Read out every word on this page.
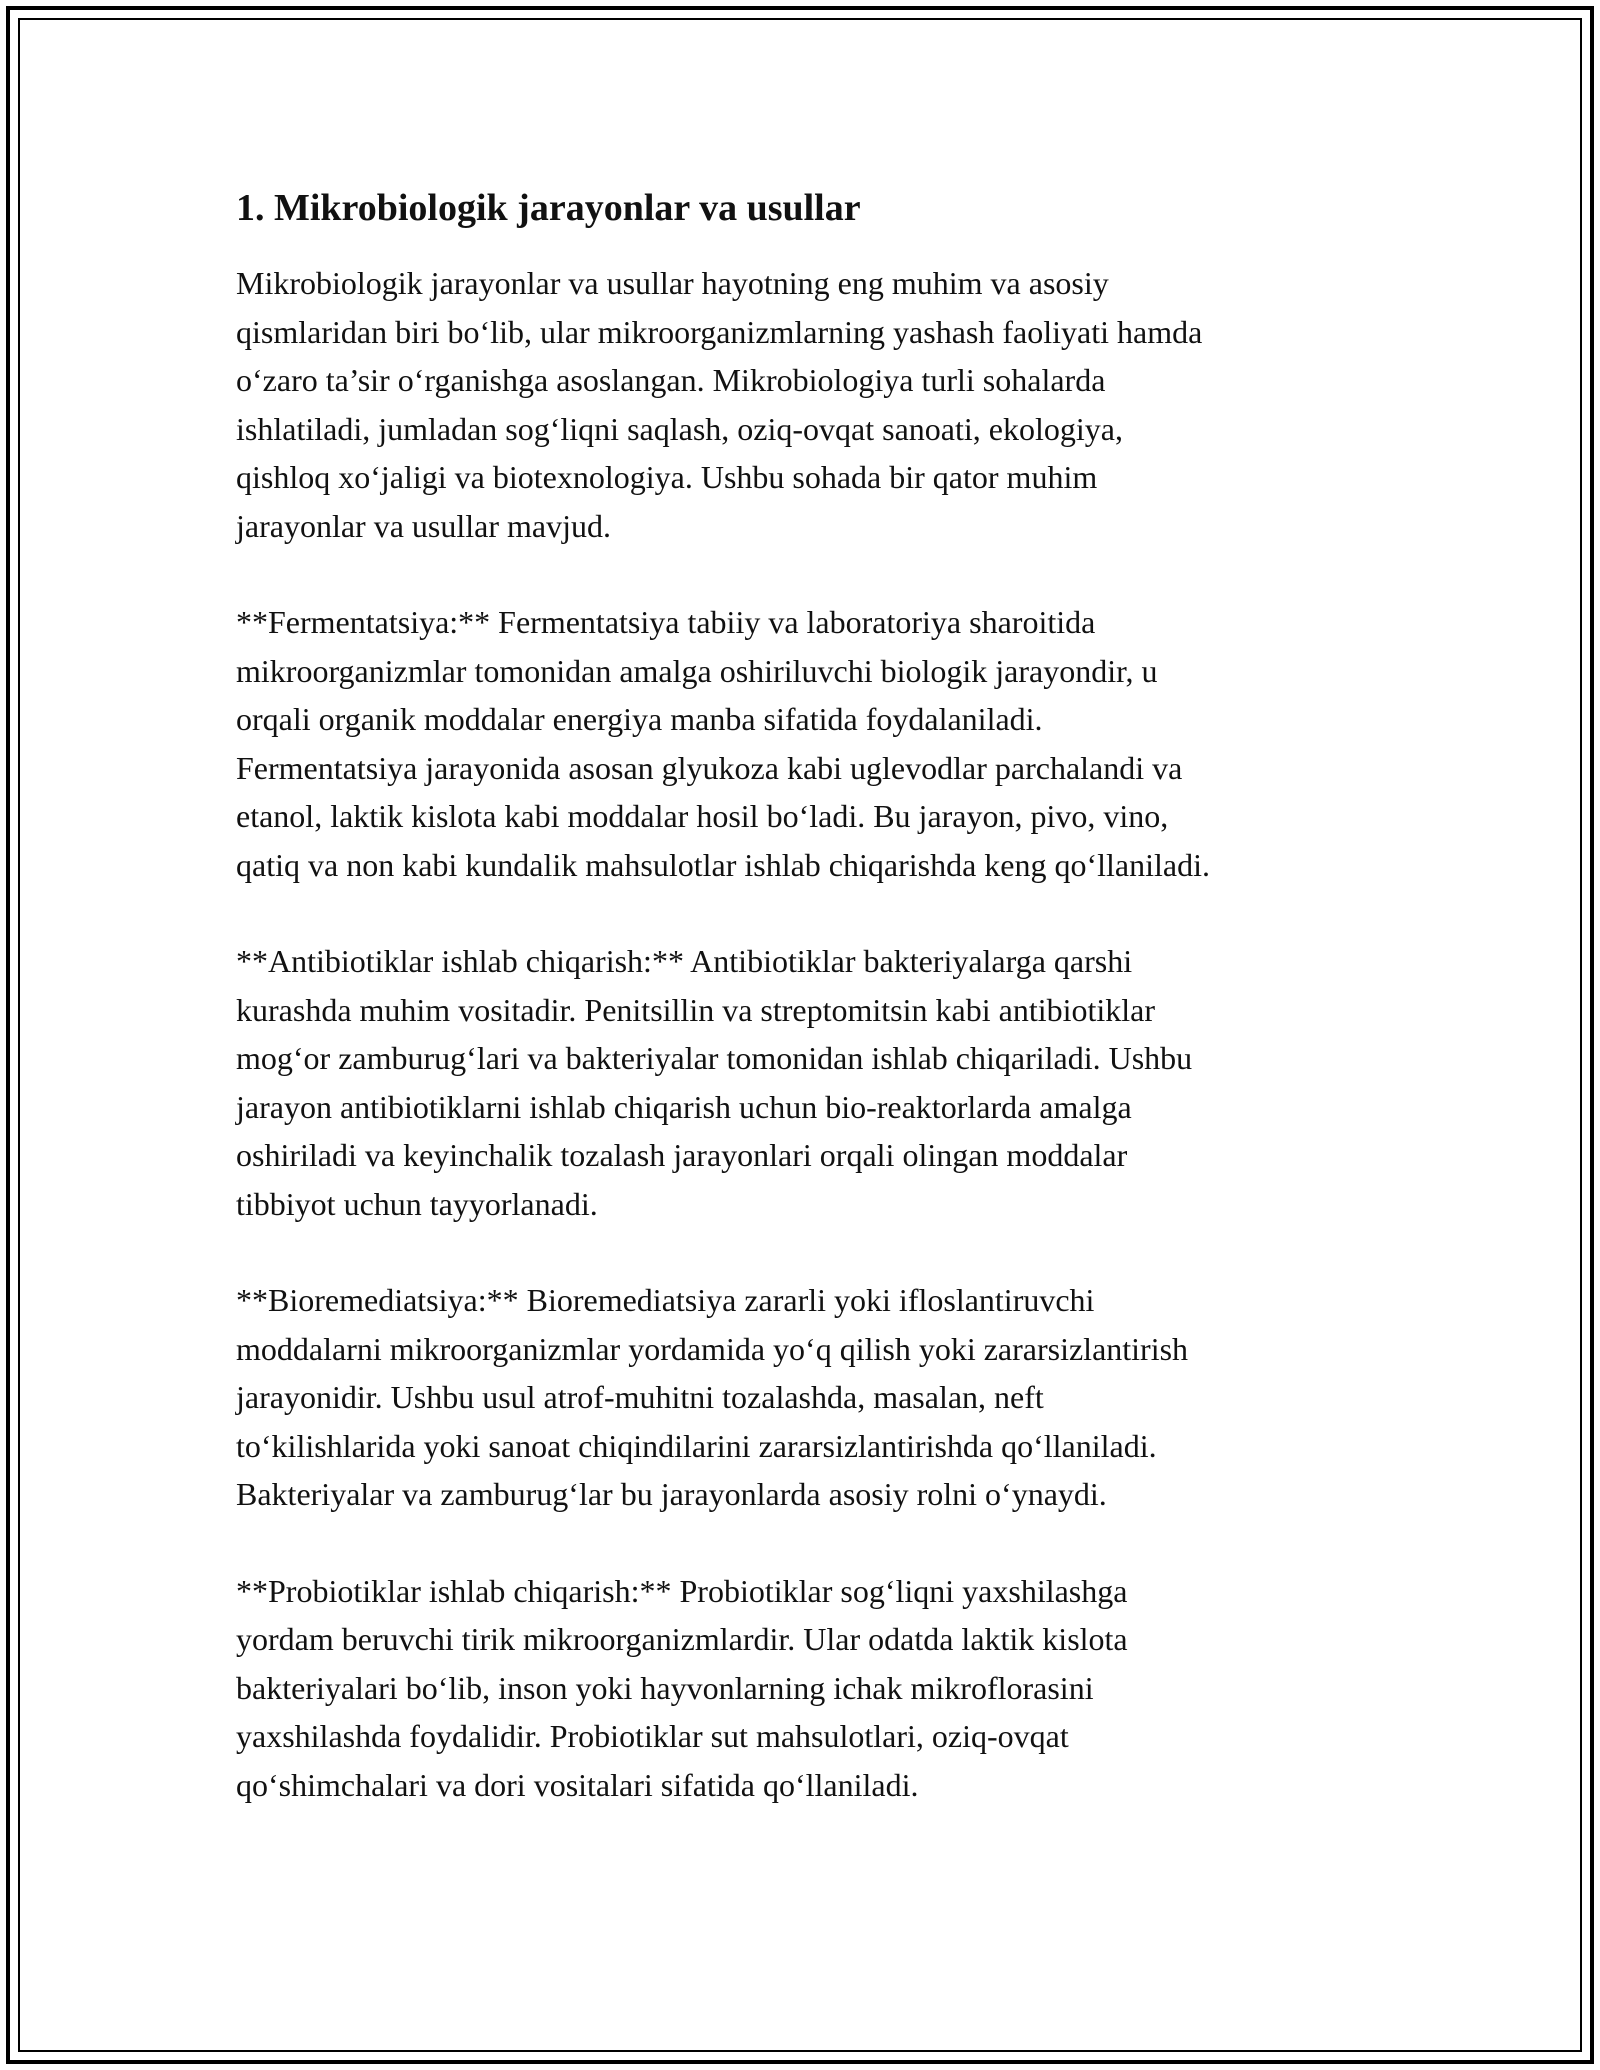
1. Mikrobiologik jarayonlar va usullar

Mikrobiologik jarayonlar va usullar hayotning eng muhim va asosiy
qismlaridan biri bo‘lib, ular mikroorganizmlarning yashash faoliyati hamda
o‘zaro ta’sir o‘rganishga asoslangan. Mikrobiologiya turli sohalarda
ishlatiladi, jumladan sog‘liqni saqlash, oziq-ovqat sanoati, ekologiya,
qishloq xo‘jaligi va biotexnologiya. Ushbu sohada bir qator muhim
jarayonlar va usullar mavjud.

**Fermentatsiya:** Fermentatsiya tabiiy va laboratoriya sharoitida
mikroorganizmlar tomonidan amalga oshiriluvchi biologik jarayondir, u
orqali organik moddalar energiya manba sifatida foydalaniladi.
Fermentatsiya jarayonida asosan glyukoza kabi uglevodlar parchalandi va
etanol, laktik kislota kabi moddalar hosil bo‘ladi. Bu jarayon, pivo, vino,
qatiq va non kabi kundalik mahsulotlar ishlab chiqarishda keng qo‘llaniladi.

**Antibiotiklar ishlab chiqarish:** Antibiotiklar bakteriyalarga qarshi
kurashda muhim vositadir. Penitsillin va streptomitsin kabi antibiotiklar
mog‘or zamburug‘lari va bakteriyalar tomonidan ishlab chiqariladi. Ushbu
jarayon antibiotiklarni ishlab chiqarish uchun bio-reaktorlarda amalga
oshiriladi va keyinchalik tozalash jarayonlari orqali olingan moddalar
tibbiyot uchun tayyorlanadi.

**Bioremediatsiya:** Bioremediatsiya zararli yoki ifloslantiruvchi
moddalarni mikroorganizmlar yordamida yo‘q qilish yoki zararsizlantirish
jarayonidir. Ushbu usul atrof-muhitni tozalashda, masalan, neft
to‘kilishlarida yoki sanoat chiqindilarini zararsizlantirishda qo‘llaniladi.
Bakteriyalar va zamburug‘lar bu jarayonlarda asosiy rolni o‘ynaydi.

**Probiotiklar ishlab chiqarish:** Probiotiklar sog‘liqni yaxshilashga
yordam beruvchi tirik mikroorganizmlardir. Ular odatda laktik kislota
bakteriyalari bo‘lib, inson yoki hayvonlarning ichak mikroflorasini
yaxshilashda foydalidir. Probiotiklar sut mahsulotlari, oziq-ovqat
qo‘shimchalari va dori vositalari sifatida qo‘llaniladi.
